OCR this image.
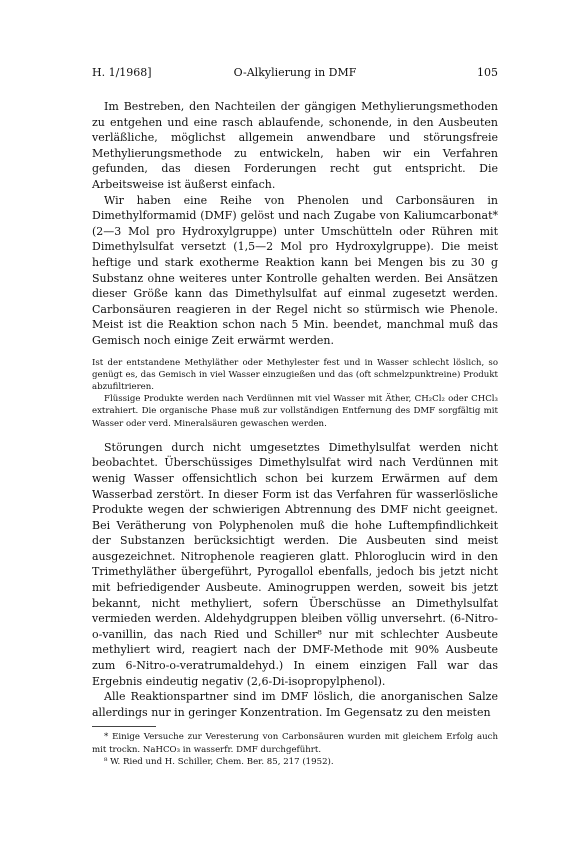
H. 1/1968]	O-Alkylierung in DMF	105

Im Bestreben, den Nachteilen der gängigen Methylierungsmethoden zu entgehen und eine rasch ablaufende, schonende, in den Ausbeuten verläßliche, möglichst allgemein anwendbare und störungsfreie Methylierungsmethode zu entwickeln, haben wir ein Verfahren gefunden, das diesen Forderungen recht gut entspricht. Die Arbeitsweise ist äußerst einfach.

Wir haben eine Reihe von Phenolen und Carbonsäuren in Dimethylformamid (DMF) gelöst und nach Zugabe von Kaliumcarbonat* (2—3 Mol pro Hydroxylgruppe) unter Umschütteln oder Rühren mit Dimethylsulfat versetzt (1,5—2 Mol pro Hydroxylgruppe). Die meist heftige und stark exotherme Reaktion kann bei Mengen bis zu 30 g Substanz ohne weiteres unter Kontrolle gehalten werden. Bei Ansätzen dieser Größe kann das Dimethylsulfat auf einmal zugesetzt werden. Carbonsäuren reagieren in der Regel nicht so stürmisch wie Phenole. Meist ist die Reaktion schon nach 5 Min. beendet, manchmal muß das Gemisch noch einige Zeit erwärmt werden.

Ist der entstandene Methyläther oder Methylester fest und in Wasser schlecht löslich, so genügt es, das Gemisch in viel Wasser einzugießen und das (oft schmelzpunktreine) Produkt abzufiltrieren.

Flüssige Produkte werden nach Verdünnen mit viel Wasser mit Äther, CH₂Cl₂ oder CHCl₃ extrahiert. Die organische Phase muß zur vollständigen Entfernung des DMF sorgfältig mit Wasser oder verd. Mineralsäuren gewaschen werden.

Störungen durch nicht umgesetztes Dimethylsulfat werden nicht beobachtet. Überschüssiges Dimethylsulfat wird nach Verdünnen mit wenig Wasser offensichtlich schon bei kurzem Erwärmen auf dem Wasserbad zerstört. In dieser Form ist das Verfahren für wasserlösliche Produkte wegen der schwierigen Abtrennung des DMF nicht geeignet. Bei Verätherung von Polyphenolen muß die hohe Luftempfindlichkeit der Substanzen berücksichtigt werden. Die Ausbeuten sind meist ausgezeichnet. Nitrophenole reagieren glatt. Phloroglucin wird in den Trimethyläther übergeführt, Pyrogallol ebenfalls, jedoch bis jetzt nicht mit befriedigender Ausbeute. Aminogruppen werden, soweit bis jetzt bekannt, nicht methyliert, sofern Überschüsse an Dimethylsulfat vermieden werden. Aldehydgruppen bleiben völlig unversehrt. (6-Nitro-o-vanillin, das nach Ried und Schiller⁸ nur mit schlechter Ausbeute methyliert wird, reagiert nach der DMF-Methode mit 90% Ausbeute zum 6-Nitro-o-veratrumaldehyd.) In einem einzigen Fall war das Ergebnis eindeutig negativ (2,6-Di-isopropylphenol).

Alle Reaktionspartner sind im DMF löslich, die anorganischen Salze allerdings nur in geringer Konzentration. Im Gegensatz zu den meisten

* Einige Versuche zur Veresterung von Carbonsäuren wurden mit gleichem Erfolg auch mit trockn. NaHCO₃ in wasserfr. DMF durchgeführt.

⁸ W. Ried und H. Schiller, Chem. Ber. 85, 217 (1952).
